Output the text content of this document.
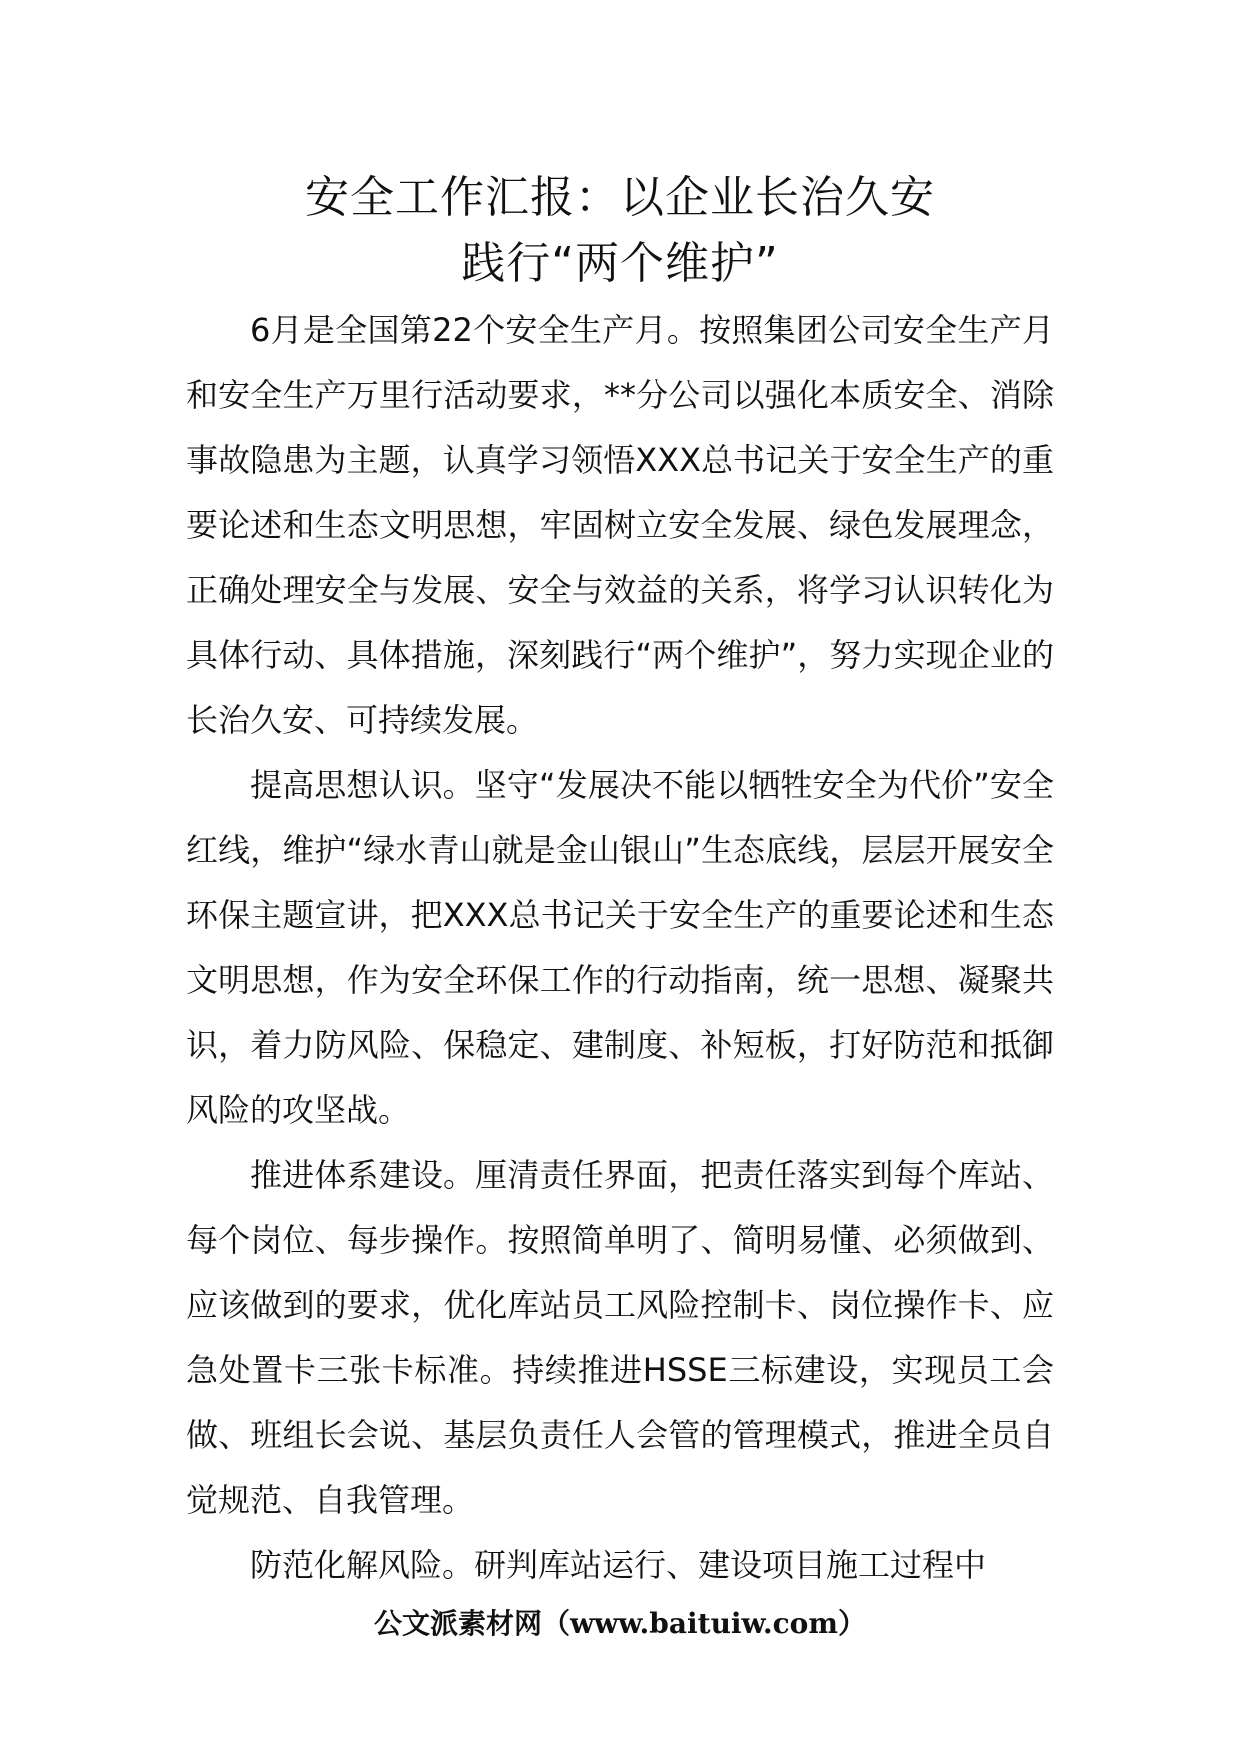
安全工作汇报：以企业长治久安
践行“两个维护”

6月是全国第22个安全生产月。按照集团公司安全生产月和安全生产万里行活动要求，**分公司以强化本质安全、消除事故隐患为主题，认真学习领悟XXX总书记关于安全生产的重要论述和生态文明思想，牢固树立安全发展、绿色发展理念，正确处理安全与发展、安全与效益的关系，将学习认识转化为具体行动、具体措施，深刻践行“两个维护”，努力实现企业的长治久安、可持续发展。

提高思想认识。坚守“发展决不能以牺牲安全为代价”安全红线，维护“绿水青山就是金山银山”生态底线，层层开展安全环保主题宣讲，把XXX总书记关于安全生产的重要论述和生态文明思想，作为安全环保工作的行动指南，统一思想、凝聚共识，着力防风险、保稳定、建制度、补短板，打好防范和抵御风险的攻坚战。

推进体系建设。厘清责任界面，把责任落实到每个库站、每个岗位、每步操作。按照简单明了、简明易懂、必须做到、应该做到的要求，优化库站员工风险控制卡、岗位操作卡、应急处置卡三张卡标准。持续推进HSSE三标建设，实现员工会做、班组长会说、基层负责任人会管的管理模式，推进全员自觉规范、自我管理。

防范化解风险。研判库站运行、建设项目施工过程中

公文派素材网（www.baituiw.com）
